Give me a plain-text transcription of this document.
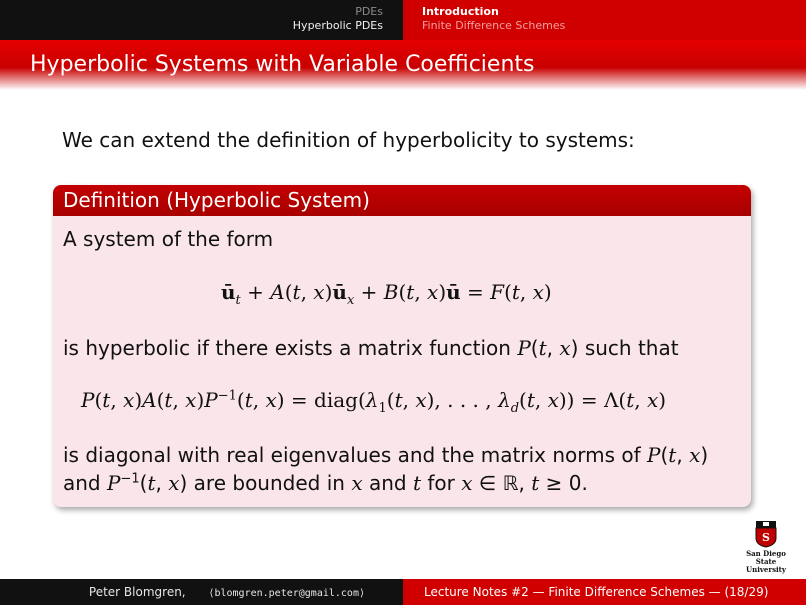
PDEs
Hyperbolic PDEs
Introduction
Finite Difference Schemes
Hyperbolic Systems with Variable Coefficients
We can extend the definition of hyperbolicity to systems:
Definition (Hyperbolic System)
A system of the form
$ū_t + A(t$, $x)ū_x + B(t$, x)ū = F(t, x)
is hyperbolic if there exists a matrix function P(t, x) such that
P(t, x)A(t, $x)P^{-1}(t$, $x) = diag(\lambda_1(t$, x), . . . , $\lambda_d(t$, x)) = Λ(t, x)
is diagonal with real eigenvalues and the matrix norms of P(t, x)
and $P^{-1}(t$, x) are bounded in x and t for x ∈ ℝ, t ≥ 0.
S
San Diego State
University
Peter Blomgren, ⟨blomgren.peter@gmail.com⟩	Lecture Notes #2 — Finite Difference Schemes — (18/29)
